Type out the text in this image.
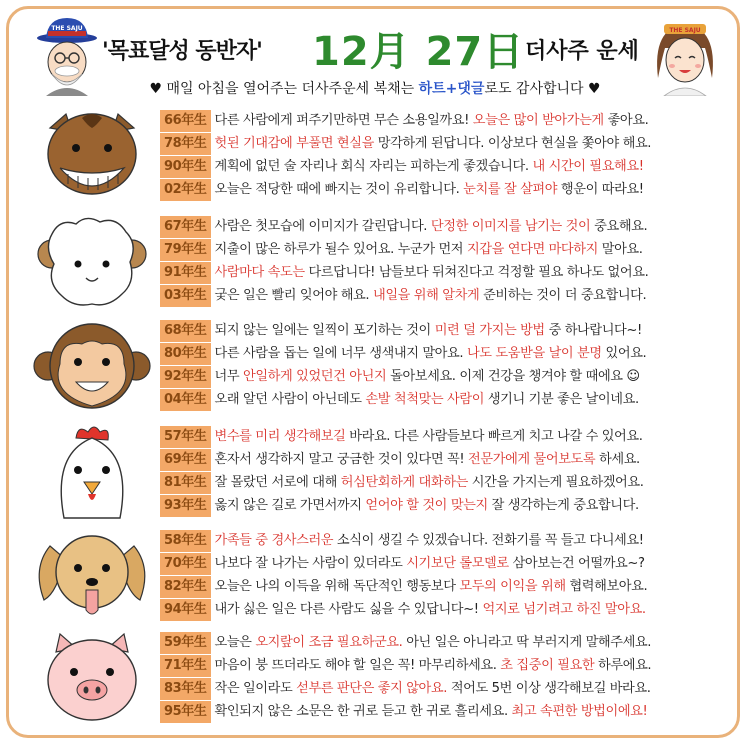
THE SAJU
'목표달성 동반자' 12月 27日 더사주 운세
THE SAJU
♥ 매일 아침을 열어주는 더사주운세 복채는 하트+댓글로도 감사합니다 ♥
66年生 다른 사람에게 퍼주기만하면 무슨 소용일까요! 오늘은 많이 받아가는게 좋아요.
78年生 헛된 기대감에 부풀면 현실을 망각하게 된답니다. 이상보다 현실을 쫓아야 해요.
90年生 계획에 없던 술 자리나 회식 자리는 피하는게 좋겠습니다. 내 시간이 필요해요!
02年生 오늘은 적당한 때에 빠지는 것이 유리합니다. 눈치를 잘 살펴야 행운이 따라요!
67年生 사람은 첫모습에 이미지가 갈린답니다. 단정한 이미지를 남기는 것이 중요해요.
79年生 지출이 많은 하루가 될수 있어요. 누군가 먼저 지갑을 연다면 마다하지 말아요.
91年生 사람마다 속도는 다르답니다! 남들보다 뒤쳐진다고 걱정할 필요 하나도 없어요.
03年生 궂은 일은 빨리 잊어야 해요. 내일을 위해 알차게 준비하는 것이 더 중요합니다.
68年生 되지 않는 일에는 일찍이 포기하는 것이 미련 덜 가지는 방법 중 하나랍니다~!
80年生 다른 사람을 돕는 일에 너무 생색내지 말아요. 나도 도움받을 날이 분명 있어요.
92年生 너무 안일하게 있었던건 아닌지 돌아보세요. 이제 건강을 챙겨야 할 때에요 ☺
04年生 오래 알던 사람이 아닌데도 손발 척척맞는 사람이 생기니 기분 좋은 날이네요.
57年生 변수를 미리 생각해보길 바라요. 다른 사람들보다 빠르게 치고 나갈 수 있어요.
69年生 혼자서 생각하지 말고 궁금한 것이 있다면 꼭! 전문가에게 물어보도록 하세요.
81年生 잘 몰랐던 서로에 대해 허심탄회하게 대화하는 시간을 가지는게 필요하겠어요.
93年生 옳지 않은 길로 가면서까지 얻어야 할 것이 맞는지 잘 생각하는게 중요합니다.
58年生 가족들 중 경사스러운 소식이 생길 수 있겠습니다. 전화기를 꼭 들고 다니세요!
70年生 나보다 잘 나가는 사람이 있더라도 시기보단 롤모델로 삼아보는건 어떨까요~?
82年生 오늘은 나의 이득을 위해 독단적인 행동보다 모두의 이익을 위해 협력해보아요.
94年生 내가 싫은 일은 다른 사람도 싫을 수 있답니다~! 억지로 넘기려고 하진 말아요.
59年生 오늘은 오지랖이 조금 필요하군요. 아닌 일은 아니라고 딱 부러지게 말해주세요.
71年生 마음이 붕 뜨더라도 해야 할 일은 꼭! 마무리하세요. 초 집중이 필요한 하루에요.
83年生 작은 일이라도 섣부른 판단은 좋지 않아요. 적어도 5번 이상 생각해보길 바라요.
95年生 확인되지 않은 소문은 한 귀로 듣고 한 귀로 흘리세요. 최고 속편한 방법이에요!
